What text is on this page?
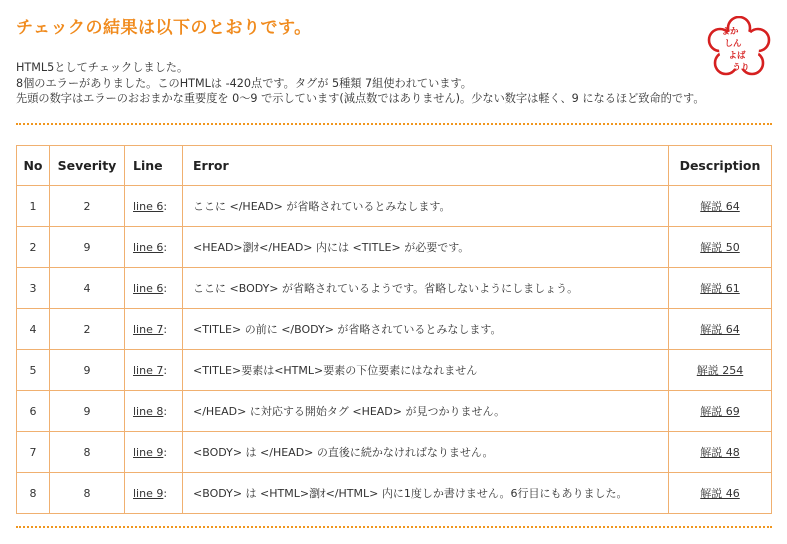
チェックの結果は以下のとおりです。	まか
しん
よば
うり
HTML5としてチェックしました。
8個のエラーがありました。このHTMLは -420点です。タグが 5種類 7組使われています。
先頭の数字はエラーのおおまかな重要度を 0～9 で示しています(減点数ではありません)。少ない数字は軽く、9 になるほど致命的です。
No	Severity	Line	Error	Description
1	2	line 6:	ここに </HEAD> が省略されているとみなします。	解説 64
2	9	line 6:	<HEAD>瀏ｵ</HEAD> 内には <TITLE> が必要です。	解説 50
3	4	line 6:	ここに <BODY> が省略されているようです。省略しないようにしましょう。	解説 61
4	2	line 7:	<TITLE> の前に </BODY> が省略されているとみなします。	解説 64
5	9	line 7:	<TITLE>要素は<HTML>要素の下位要素にはなれません	解説 254
6	9	line 8:	</HEAD> に対応する開始タグ <HEAD> が見つかりません。	解説 69
7	8	line 9:	<BODY> は </HEAD> の直後に続かなければなりません。	解説 48
8	8	line 9:	<BODY> は <HTML>瀏ｵ</HTML> 内に1度しか書けません。6行目にもありました。	解説 46
